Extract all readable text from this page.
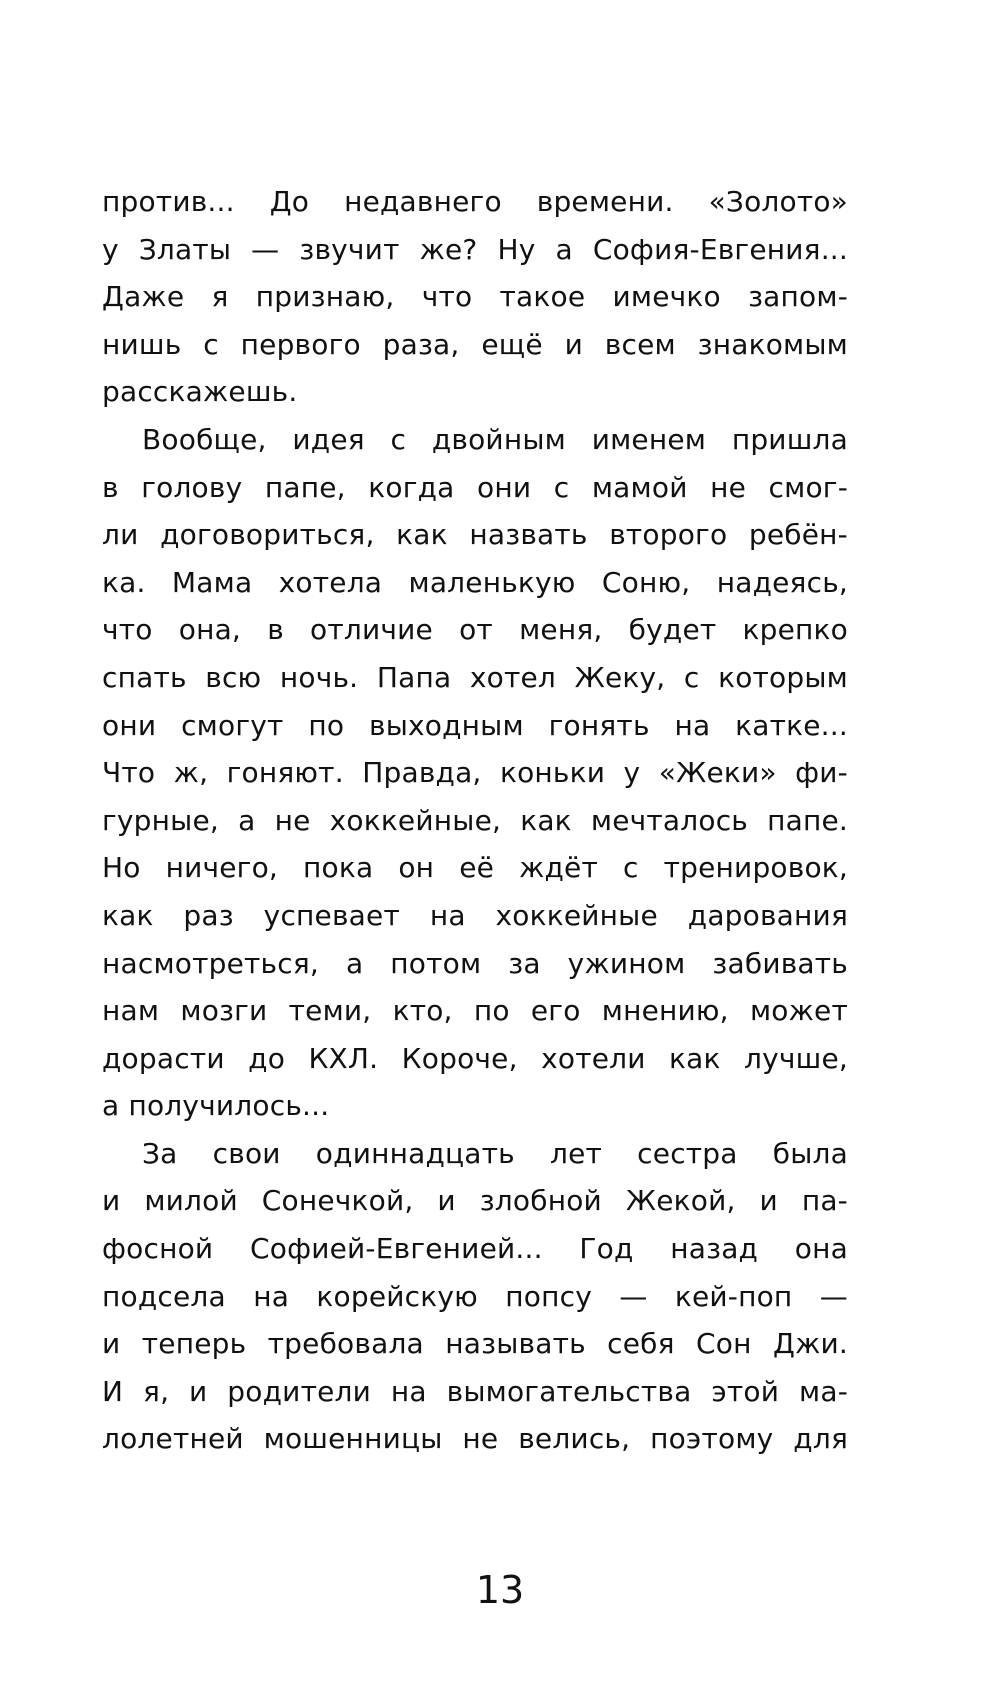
против... До недавнего времени. «Золото»
у Златы — звучит же? Ну а София-Евгения...
Даже я признаю, что такое имечко запом-
нишь с первого раза, ещё и всем знакомым
расскажешь.
Вообще, идея с двойным именем пришла
в голову папе, когда они с мамой не смог-
ли договориться, как назвать второго ребён-
ка. Мама хотела маленькую Соню, надеясь,
что она, в отличие от меня, будет крепко
спать всю ночь. Папа хотел Жеку, с которым
они смогут по выходным гонять на катке...
Что ж, гоняют. Правда, коньки у «Жеки» фи-
гурные, а не хоккейные, как мечталось папе.
Но ничего, пока он её ждёт с тренировок,
как раз успевает на хоккейные дарования
насмотреться, а потом за ужином забивать
нам мозги теми, кто, по его мнению, может
дорасти до КХЛ. Короче, хотели как лучше,
а получилось...
За свои одиннадцать лет сестра была
и милой Сонечкой, и злобной Жекой, и па-
фосной Софией-Евгенией... Год назад она
подсела на корейскую попсу — кей-поп —
и теперь требовала называть себя Сон Джи.
И я, и родители на вымогательства этой ма-
лолетней мошенницы не велись, поэтому для
13
